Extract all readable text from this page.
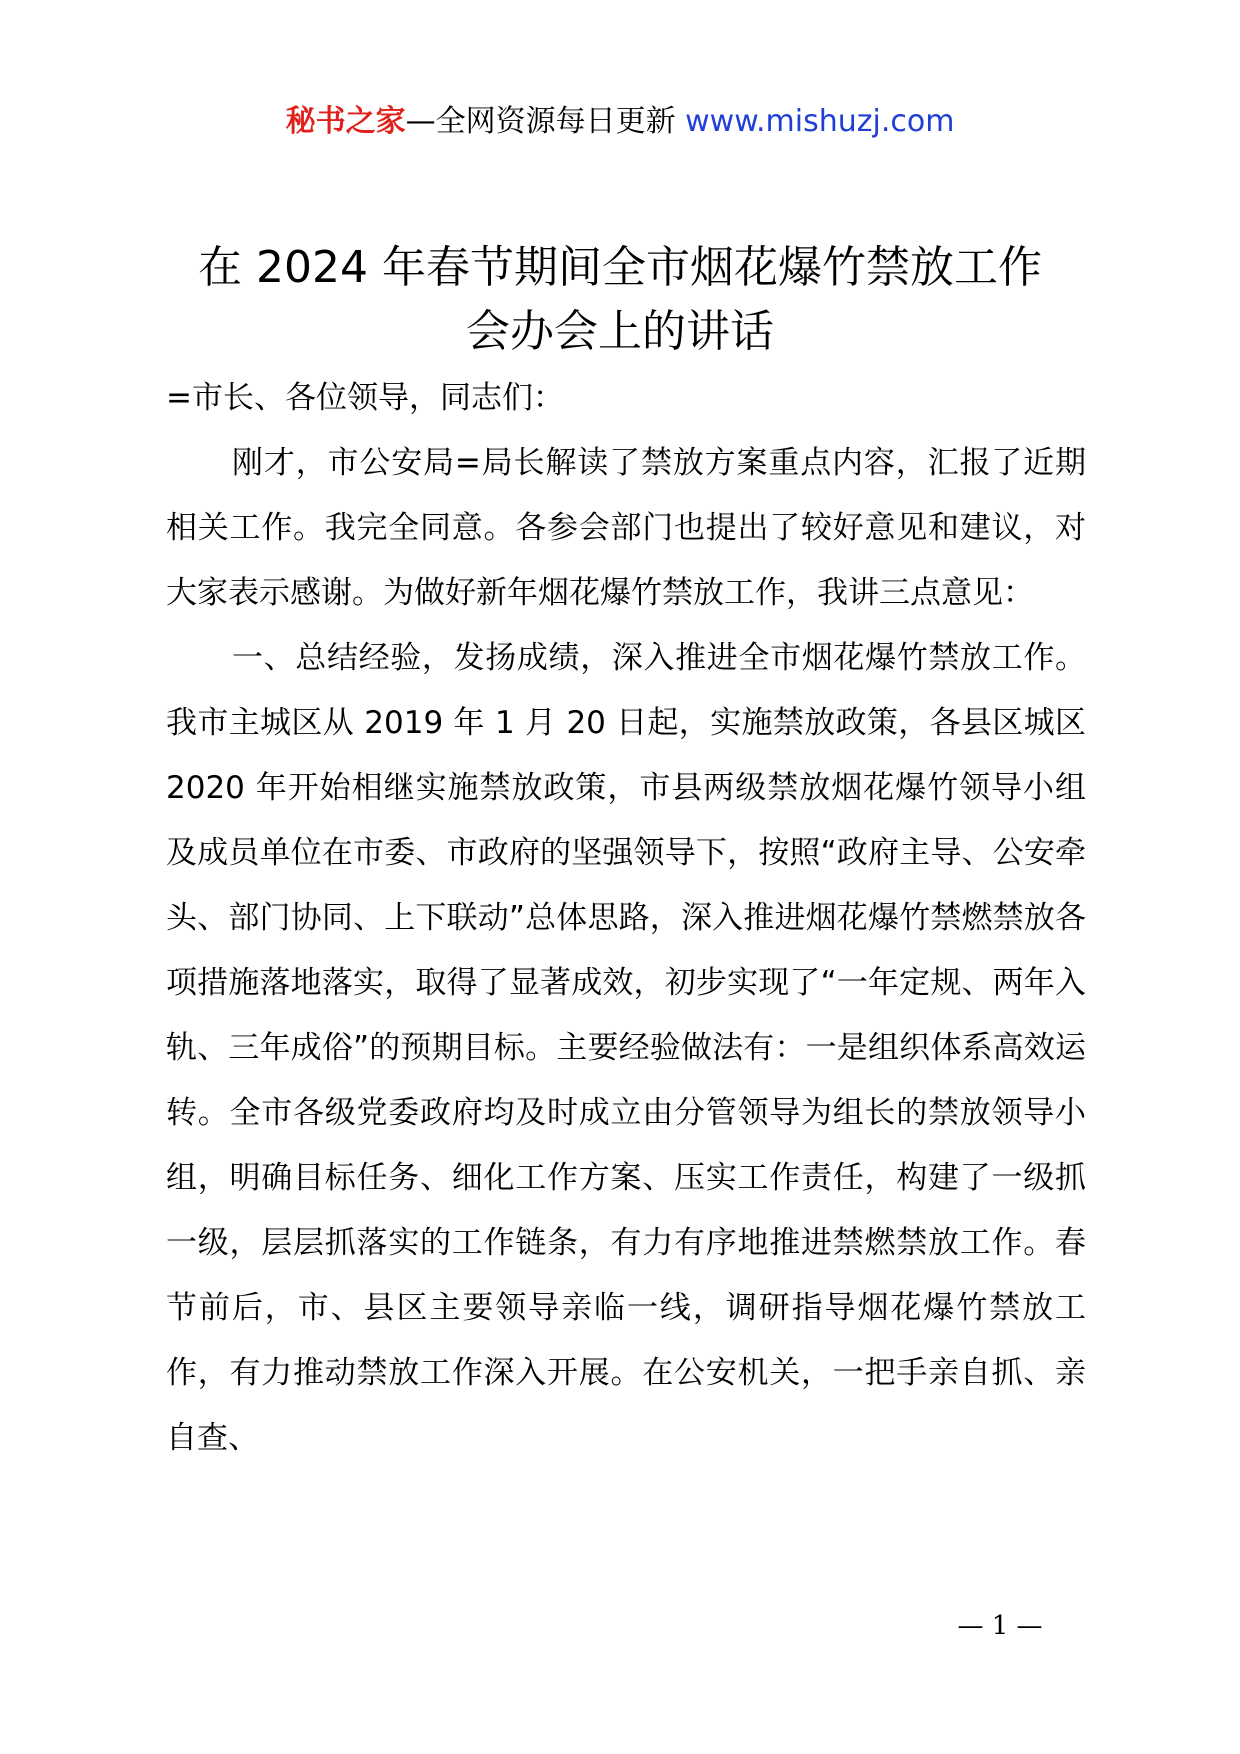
秘书之家—全网资源每日更新 www.mishuzj.com
在 2024 年春节期间全市烟花爆竹禁放工作
会办会上的讲话

=市长、各位领导，同志们：

刚才，市公安局=局长解读了禁放方案重点内容，汇报了近期相关工作。我完全同意。各参会部门也提出了较好意见和建议，对大家表示感谢。为做好新年烟花爆竹禁放工作，我讲三点意见：

一、总结经验，发扬成绩，深入推进全市烟花爆竹禁放工作。我市主城区从 2019 年 1 月 20 日起，实施禁放政策，各县区城区 2020 年开始相继实施禁放政策，市县两级禁放烟花爆竹领导小组及成员单位在市委、市政府的坚强领导下，按照“政府主导、公安牵头、部门协同、上下联动”总体思路，深入推进烟花爆竹禁燃禁放各项措施落地落实，取得了显著成效，初步实现了“一年定规、两年入轨、三年成俗”的预期目标。主要经验做法有：一是组织体系高效运转。全市各级党委政府均及时成立由分管领导为组长的禁放领导小组，明确目标任务、细化工作方案、压实工作责任，构建了一级抓一级，层层抓落实的工作链条，有力有序地推进禁燃禁放工作。春节前后，市、县区主要领导亲临一线，调研指导烟花爆竹禁放工作，有力推动禁放工作深入开展。在公安机关，一把手亲自抓、亲自查、

— 1 —
